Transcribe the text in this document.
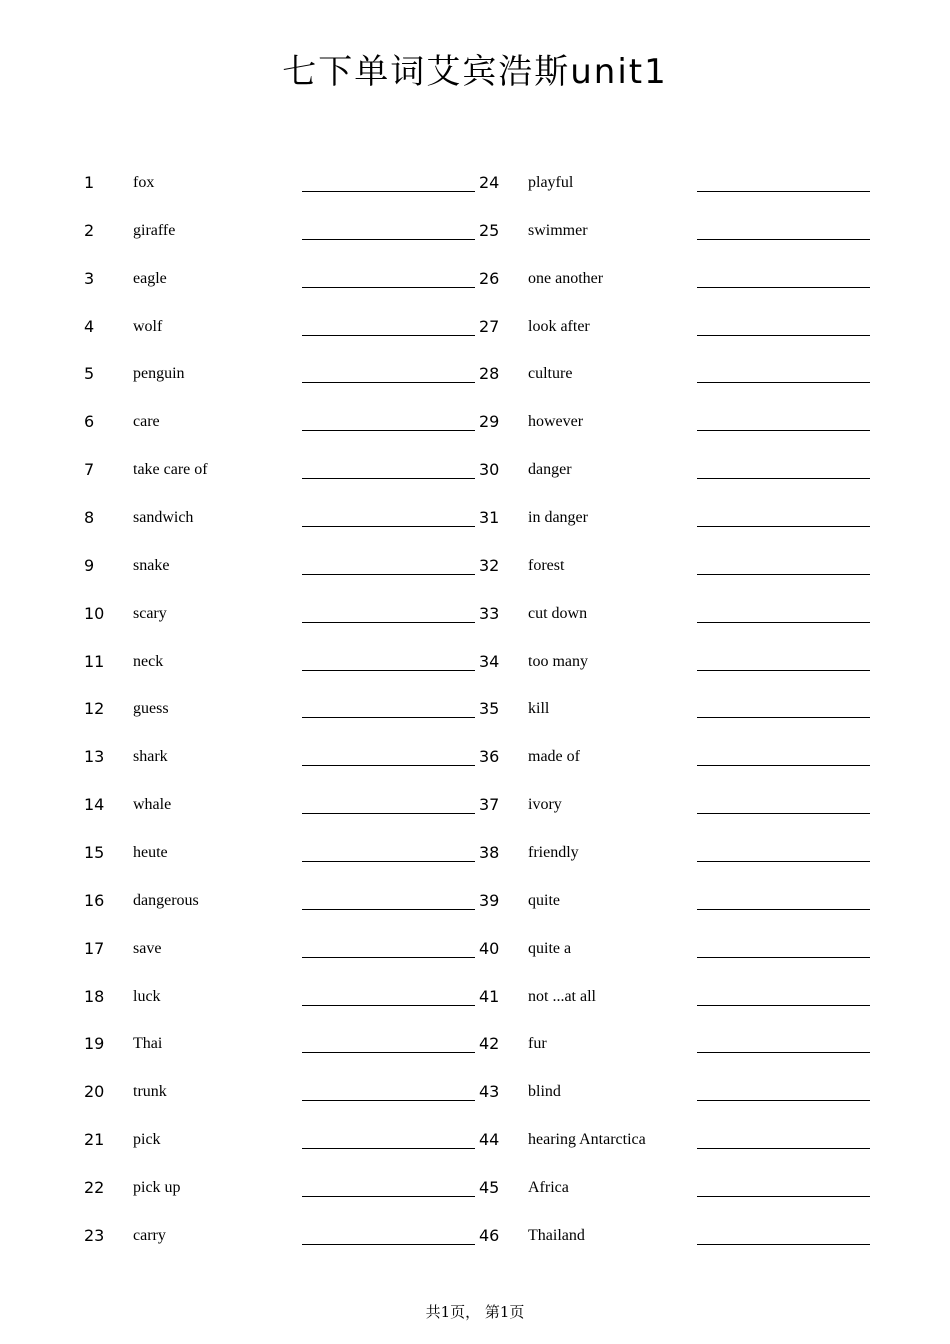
七下单词艾宾浩斯unit1
1	fox
2	giraffe
3	eagle
4	wolf
5	penguin
6	care
7	take care of
8	sandwich
9	snake
10	scary
11	neck
12	guess
13	shark
14	whale
15	heute
16	dangerous
17	save
18	luck
19	Thai
20	trunk
21	pick
22	pick up
23	carry
24	playful
25	swimmer
26	one another
27	look after
28	culture
29	however
30	danger
31	in danger
32	forest
33	cut down
34	too many
35	kill
36	made of
37	ivory
38	friendly
39	quite
40	quite a
41	not ...at all
42	fur
43	blind
44	hearing Antarctica
45	Africa
46	Thailand
共1页， 第1页
